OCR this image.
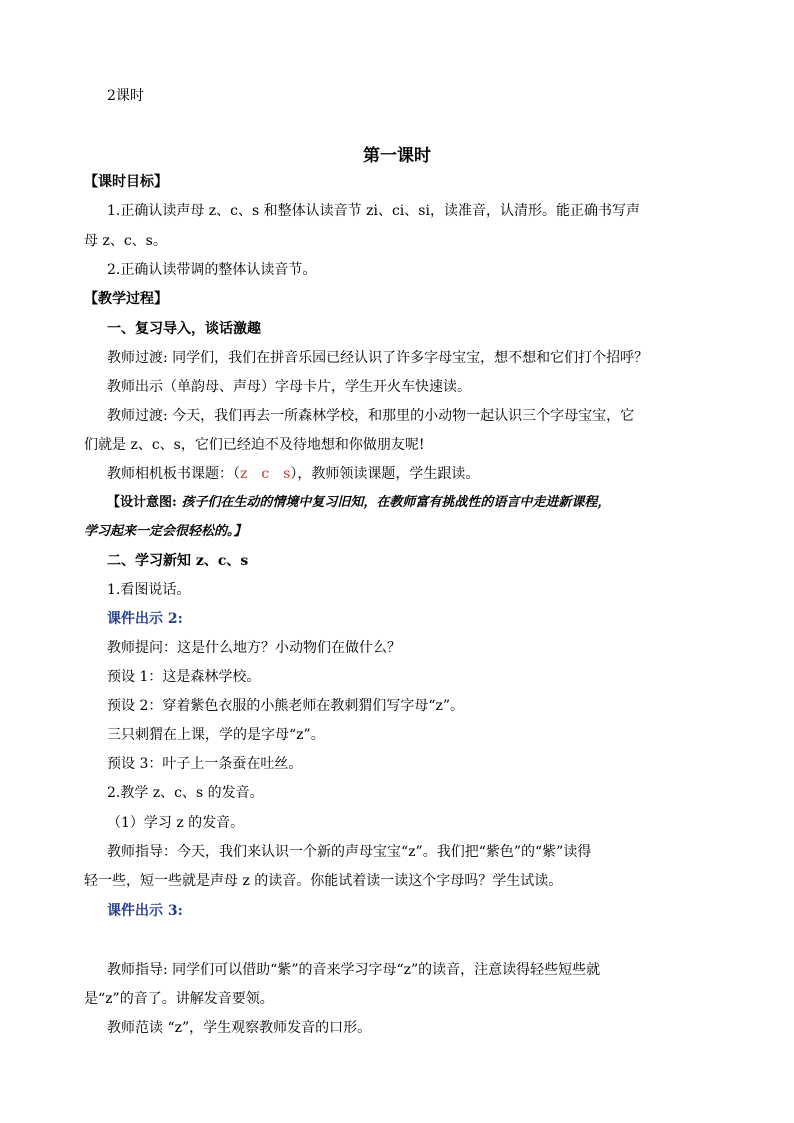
2课时
第一课时
【课时目标】
1.正确认读声母 z、c、s 和整体认读音节 zi、ci、si，读准音，认清形。能正确书写声
母 z、c、s。
2.正确认读带调的整体认读音节。
【教学过程】
一、复习导入，谈话激趣
教师过渡: 同学们，我们在拼音乐园已经认识了许多字母宝宝，想不想和它们打个招呼？
教师出示（单韵母、声母）字母卡片，学生开火车快速读。
教师过渡: 今天，我们再去一所森林学校，和那里的小动物一起认识三个字母宝宝，它
们就是 z、c、s，它们已经迫不及待地想和你做朋友呢!
教师相机板书课题：（z　c　s），教师领读课题，学生跟读。
【设计意图: 孩子们在生动的情境中复习旧知，在教师富有挑战性的语言中走进新课程，
学习起来一定会很轻松的。】
二、学习新知 z、c、s
1.看图说话。
课件出示 2:
教师提问：这是什么地方？小动物们在做什么？
预设 1：这是森林学校。
预设 2：穿着紫色衣服的小熊老师在教刺猬们写字母“z”。
三只刺猬在上课，学的是字母“z”。
预设 3：叶子上一条蚕在吐丝。
2.教学 z、c、s 的发音。
（1）学习 z 的发音。
教师指导：今天，我们来认识一个新的声母宝宝“z”。我们把“紫色”的“紫”读得
轻一些，短一些就是声母 z 的读音。你能试着读一读这个字母吗？学生试读。
课件出示 3:
教师指导: 同学们可以借助“紫”的音来学习字母“z”的读音，注意读得轻些短些就
是“z”的音了。讲解发音要领。
教师范读 “z”，学生观察教师发音的口形。
